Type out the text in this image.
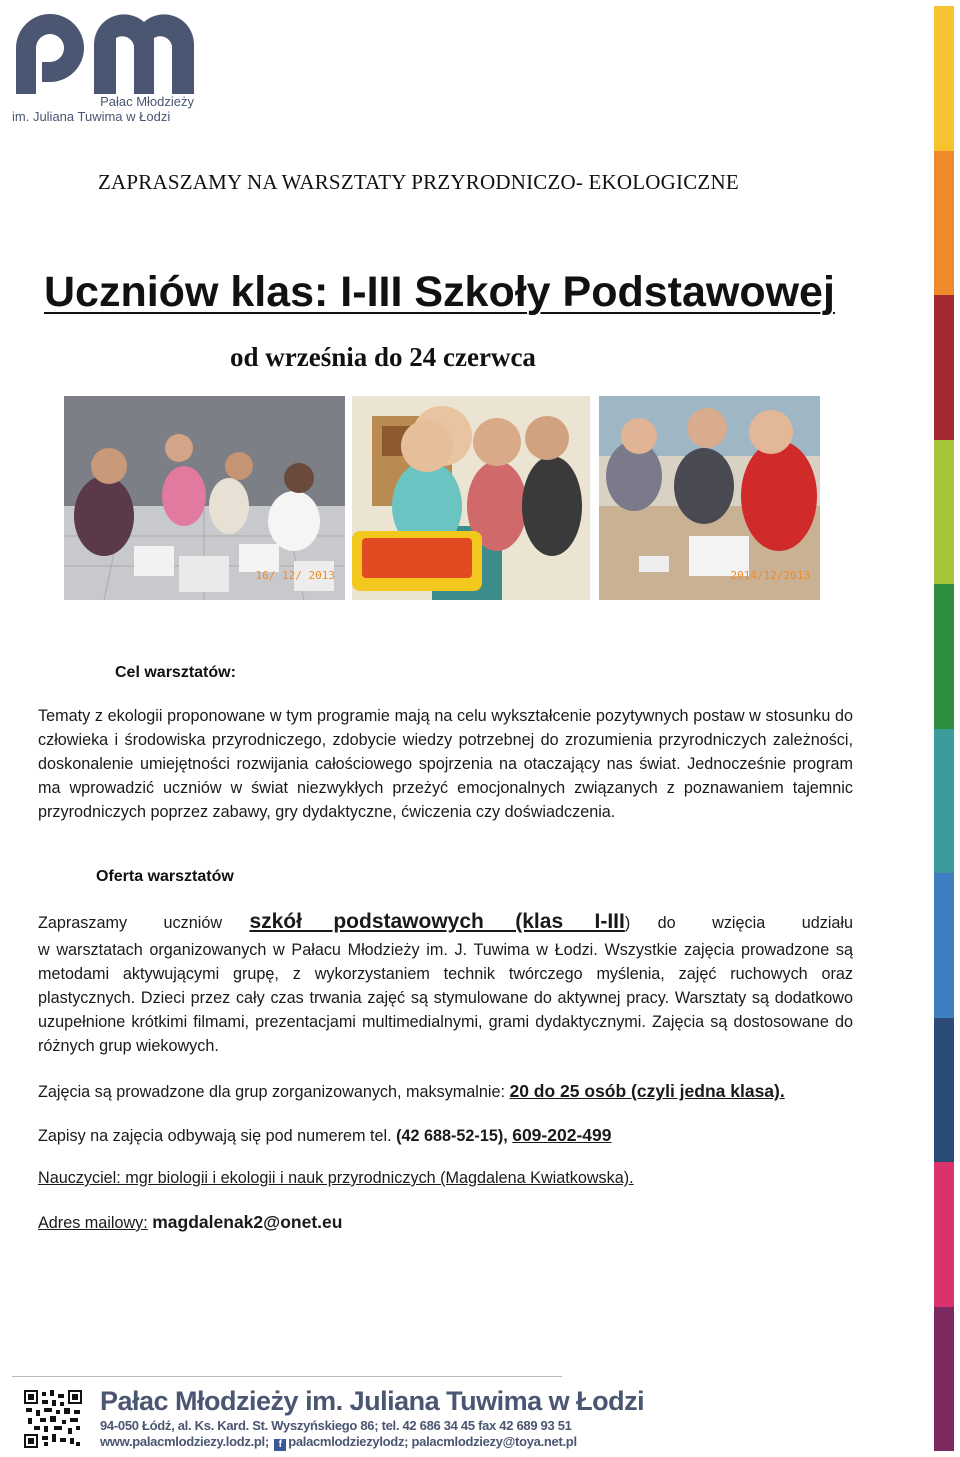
Pałac Młodzieży
im. Juliana Tuwima w Łodzi
ZAPRASZAMY NA WARSZTATY PRZYRODNICZO- EKOLOGICZNE
Uczniów klas: I-III Szkoły Podstawowej
od września do 24 czerwca
16/ 12/ 2013	2014/12/2013
Cel warsztatów:
Tematy z ekologii proponowane w tym programie mają na celu wykształcenie pozytywnych postaw w stosunku do człowieka i środowiska przyrodniczego, zdobycie wiedzy potrzebnej do zrozumienia przyrodniczych zależności, doskonalenie umiejętności rozwijania całościowego spojrzenia na otaczający nas świat. Jednocześnie program ma wprowadzić uczniów w świat niezwykłych przeżyć emocjonalnych związanych z poznawaniem tajemnic przyrodniczych poprzez zabawy, gry dydaktyczne, ćwiczenia czy doświadczenia.
Oferta warsztatów
Zapraszamy    uczniów szkół   podstawowych   (klas   I-III) do    wzięcia    udziału
w warsztatach organizowanych w Pałacu Młodzieży im. J. Tuwima w Łodzi. Wszystkie zajęcia prowadzone są metodami aktywującymi grupę, z wykorzystaniem technik twórczego myślenia, zajęć ruchowych oraz plastycznych. Dzieci przez cały czas trwania zajęć są stymulowane do aktywnej pracy. Warsztaty są dodatkowo uzupełnione krótkimi filmami, prezentacjami multimedialnymi, grami dydaktycznymi. Zajęcia są dostosowane do różnych grup wiekowych.
Zajęcia są prowadzone dla grup zorganizowanych, maksymalnie: 20 do 25 osób (czyli jedna klasa).
Zapisy na zajęcia odbywają się pod numerem tel. (42 688-52-15), 609-202-499
Nauczyciel: mgr biologii i ekologii i nauk przyrodniczych (Magdalena Kwiatkowska).
Adres mailowy: magdalenak2@onet.eu
Pałac Młodzieży im. Juliana Tuwima w Łodzi
94-050 Łódź, al. Ks. Kard. St. Wyszyńskiego 86; tel. 42 686 34 45 fax 42 689 93 51
www.palacmlodziezy.lodz.pl; f palacmlodziezylodz; palacmlodziezy@toya.net.pl
